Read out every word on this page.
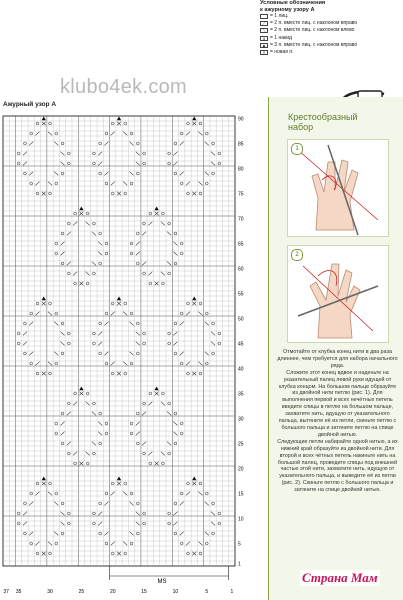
Условные обозначения
к ажурному узору А
= 1 лиц.
⟋ = 2 п. вместе лиц. с наклоном вправо
⟍ = 2 п. вместе лиц. с наклоном влево
o = 1 накид
▲ = 3 п. вместе лиц. с наклоном вправо
× = новая п.
klubo4ek.com
Ажурный узор А
90
85
80
75
70
65
60
55
50
45
40
35
30
25
20
15
10
5
1
37 35	30	25	20	15	10	5	1
MS
Крестообразный
набор
1
2

Отмотайте от клубка конец нити в два раза длиннее, чем требуется для набора начального ряда.

Сложите этот конец вдвое и наденьте на указательный палец левой руки идущей от клубка концом. На большом пальце образуйте из двойной нити петлю (рис. 1). Для выполнения первой и всех нечётных петель введите спицы в петлю на большом пальце, захватите нить, идущую от указательного пальца, вытяните её из петли, скиньте петлю с большого пальца и затяните петлю на спице двойной нитью.

Следующие петли набирайте одной нитью, а их нижний край образуйте из двойной нити. Для второй и всех чётных петель накиньте нить на большой палец, проведите спицы под внешней частью этой нити, захватите нить, идущую от указательного пальца, и выведите её из петли (рис. 2). Скиньте петлю с большого пальца и затяните на спице двойной нитью.

Страна Мам
